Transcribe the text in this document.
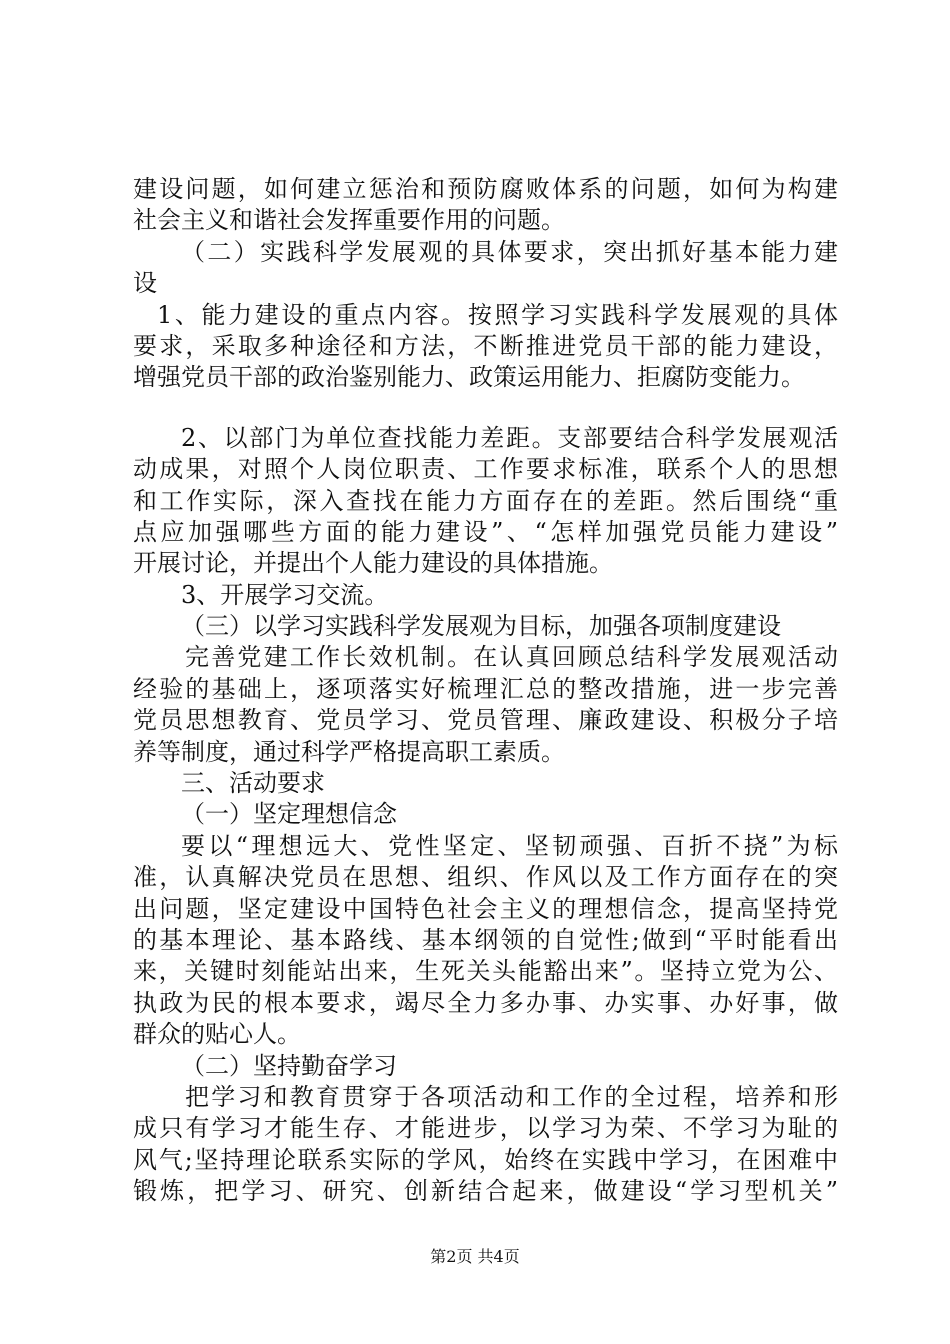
建设问题，如何建立惩治和预防腐败体系的问题，如何为构建
社会主义和谐社会发挥重要作用的问题。
（二）实践科学发展观的具体要求，突出抓好基本能力建
设
1、能力建设的重点内容。按照学习实践科学发展观的具体
要求，采取多种途径和方法，不断推进党员干部的能力建设，
增强党员干部的政治鉴别能力、政策运用能力、拒腐防变能力。
2、以部门为单位查找能力差距。支部要结合科学发展观活
动成果，对照个人岗位职责、工作要求标准，联系个人的思想
和工作实际，深入查找在能力方面存在的差距。然后围绕“重
点应加强哪些方面的能力建设”、“怎样加强党员能力建设”
开展讨论，并提出个人能力建设的具体措施。
3、开展学习交流。
（三）以学习实践科学发展观为目标，加强各项制度建设
完善党建工作长效机制。在认真回顾总结科学发展观活动
经验的基础上，逐项落实好梳理汇总的整改措施，进一步完善
党员思想教育、党员学习、党员管理、廉政建设、积极分子培
养等制度，通过科学严格提高职工素质。
三、活动要求
（一）坚定理想信念
要以“理想远大、党性坚定、坚韧顽强、百折不挠”为标
准，认真解决党员在思想、组织、作风以及工作方面存在的突
出问题，坚定建设中国特色社会主义的理想信念，提高坚持党
的基本理论、基本路线、基本纲领的自觉性;做到“平时能看出
来，关键时刻能站出来，生死关头能豁出来”。坚持立党为公、
执政为民的根本要求，竭尽全力多办事、办实事、办好事，做
群众的贴心人。
（二）坚持勤奋学习
把学习和教育贯穿于各项活动和工作的全过程，培养和形
成只有学习才能生存、才能进步，以学习为荣、不学习为耻的
风气;坚持理论联系实际的学风，始终在实践中学习，在困难中
锻炼，把学习、研究、创新结合起来，做建设“学习型机关”
第2页 共4页
